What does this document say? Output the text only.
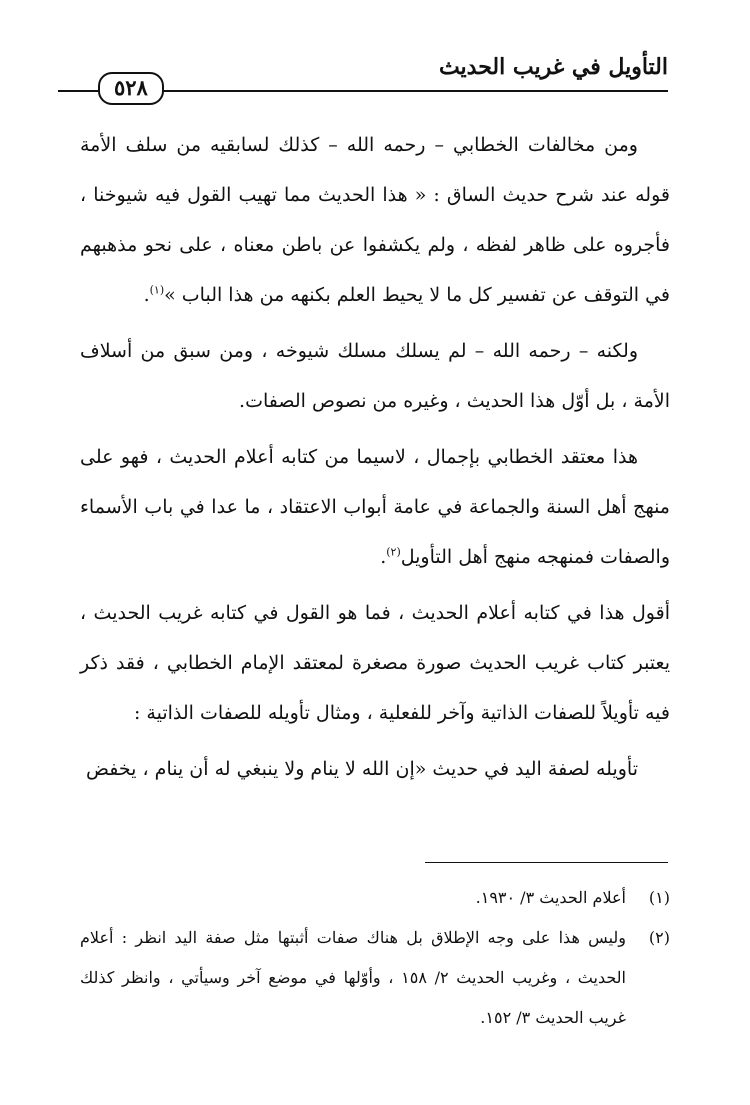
التأويل في غريب الحديث
٥٢٨

ومن مخالفات الخطابي – رحمه الله – كذلك لسابقيه من سلف الأمة قوله عند شرح حديث الساق : « هذا الحديث مما تهيب القول فيه شيوخنا ، فأجروه على ظاهر لفظه ، ولم يكشفوا عن باطن معناه ، على نحو مذهبهم في التوقف عن تفسير كل ما لا يحيط العلم بكنهه من هذا الباب »$^{(١)}$.

ولكنه – رحمه الله – لم يسلك مسلك شيوخه ، ومن سبق من أسلاف الأمة ، بل أوّل هذا الحديث ، وغيره من نصوص الصفات.

هذا معتقد الخطابي بإجمال ، لاسيما من كتابه أعلام الحديث ، فهو على منهج أهل السنة والجماعة في عامة أبواب الاعتقاد ، ما عدا في باب الأسماء والصفات فمنهجه منهج أهل التأويل$^{(٢)}$.

أقول هذا في كتابه أعلام الحديث ، فما هو القول في كتابه غريب الحديث ، يعتبر كتاب غريب الحديث صورة مصغرة لمعتقد الإمام الخطابي ، فقد ذكر فيه تأويلاً للصفات الذاتية وآخر للفعلية ، ومثال تأويله للصفات الذاتية :

تأويله لصفة اليد في حديث «إن الله لا ينام ولا ينبغي له أن ينام ، يخفض

(١)
أعلام الحديث ٣/ ١٩٣٠.
(٢)
وليس هذا على وجه الإطلاق بل هناك صفات أثبتها مثل صفة اليد انظر : أعلام الحديث ، وغريب الحديث ٢/ ١٥٨ ، وأوّلها في موضع آخر وسيأتي ، وانظر كذلك غريب الحديث ٣/ ١٥٢.
